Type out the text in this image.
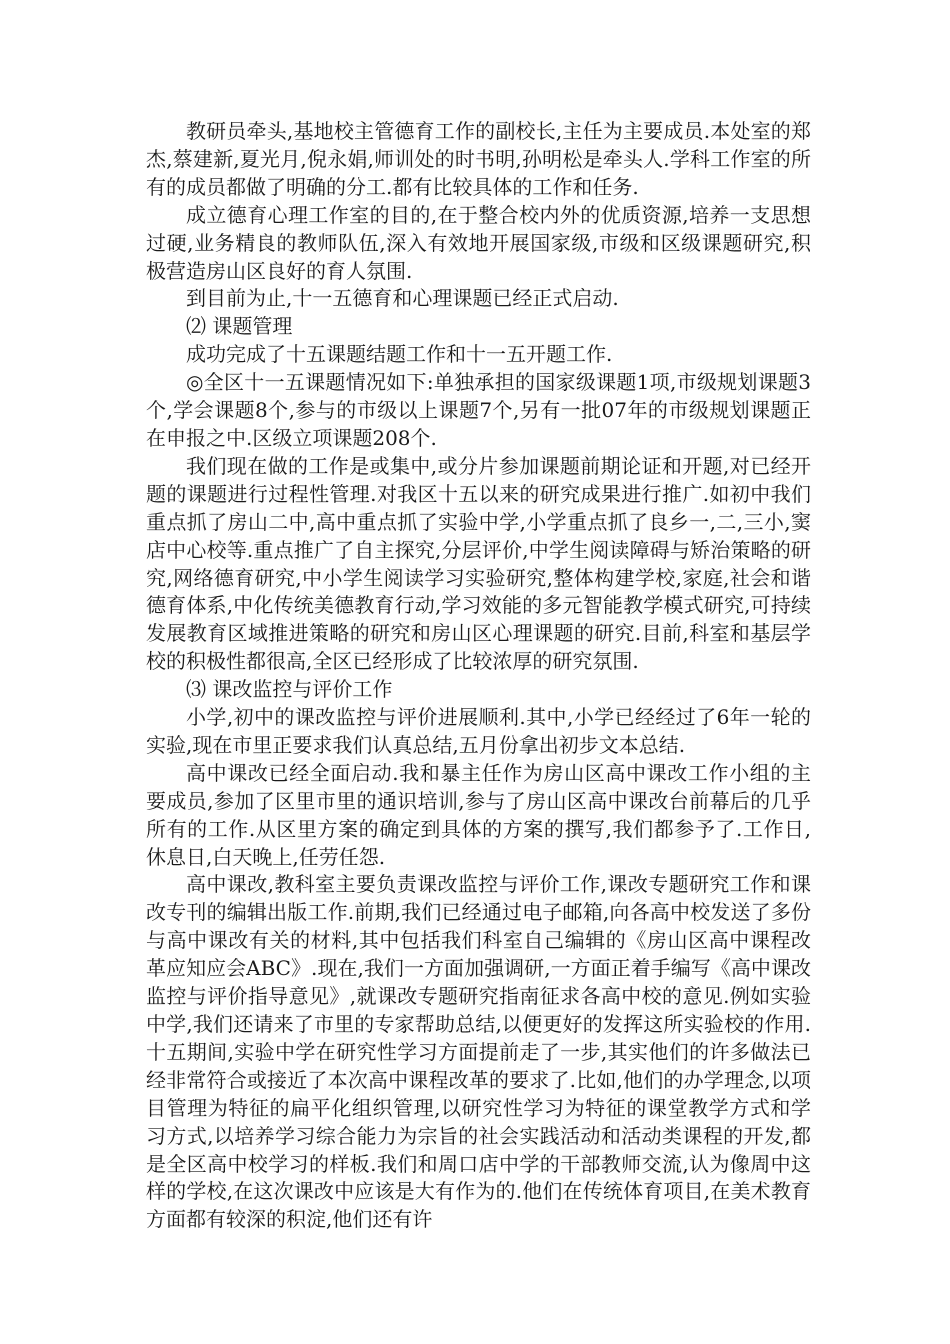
教研员牵头,基地校主管德育工作的副校长,主任为主要成员.本处室的郑杰,蔡建新,夏光月,倪永娟,师训处的时书明,孙明松是牵头人.学科工作室的所有的成员都做了明确的分工.都有比较具体的工作和任务.

成立德育心理工作室的目的,在于整合校内外的优质资源,培养一支思想过硬,业务精良的教师队伍,深入有效地开展国家级,市级和区级课题研究,积极营造房山区良好的育人氛围.

到目前为止,十一五德育和心理课题已经正式启动.

⑵ 课题管理

成功完成了十五课题结题工作和十一五开题工作.

◎全区十一五课题情况如下:单独承担的国家级课题1项,市级规划课题3个,学会课题8个,参与的市级以上课题7个,另有一批07年的市级规划课题正在申报之中.区级立项课题208个.

我们现在做的工作是或集中,或分片参加课题前期论证和开题,对已经开题的课题进行过程性管理.对我区十五以来的研究成果进行推广.如初中我们重点抓了房山二中,高中重点抓了实验中学,小学重点抓了良乡一,二,三小,窦店中心校等.重点推广了自主探究,分层评价,中学生阅读障碍与矫治策略的研究,网络德育研究,中小学生阅读学习实验研究,整体构建学校,家庭,社会和谐德育体系,中化传统美德教育行动,学习效能的多元智能教学模式研究,可持续发展教育区域推进策略的研究和房山区心理课题的研究.目前,科室和基层学校的积极性都很高,全区已经形成了比较浓厚的研究氛围.

⑶ 课改监控与评价工作

小学,初中的课改监控与评价进展顺利.其中,小学已经经过了6年一轮的实验,现在市里正要求我们认真总结,五月份拿出初步文本总结.

高中课改已经全面启动.我和暴主任作为房山区高中课改工作小组的主要成员,参加了区里市里的通识培训,参与了房山区高中课改台前幕后的几乎所有的工作.从区里方案的确定到具体的方案的撰写,我们都参予了.工作日,休息日,白天晚上,任劳任怨.

高中课改,教科室主要负责课改监控与评价工作,课改专题研究工作和课改专刊的编辑出版工作.前期,我们已经通过电子邮箱,向各高中校发送了多份与高中课改有关的材料,其中包括我们科室自己编辑的《房山区高中课程改革应知应会ABC》.现在,我们一方面加强调研,一方面正着手编写《高中课改监控与评价指导意见》,就课改专题研究指南征求各高中校的意见.例如实验中学,我们还请来了市里的专家帮助总结,以便更好的发挥这所实验校的作用.十五期间,实验中学在研究性学习方面提前走了一步,其实他们的许多做法已经非常符合或接近了本次高中课程改革的要求了.比如,他们的办学理念,以项目管理为特征的扁平化组织管理,以研究性学习为特征的课堂教学方式和学习方式,以培养学习综合能力为宗旨的社会实践活动和活动类课程的开发,都是全区高中校学习的样板.我们和周口店中学的干部教师交流,认为像周中这样的学校,在这次课改中应该是大有作为的.他们在传统体育项目,在美术教育方面都有较深的积淀,他们还有许
